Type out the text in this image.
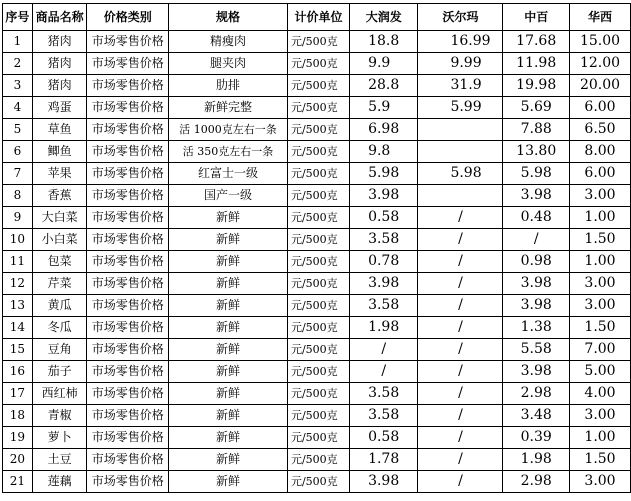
序号	商品名称	价格类别	规格	计价单位	大润发	沃尔玛	中百	华西
1	猪肉	市场零售价格	精瘦肉	元/500克	18.8	16.99	17.68	15.00
2	猪肉	市场零售价格	腿夹肉	元/500克	9.9	9.99	11.98	12.00
3	猪肉	市场零售价格	肋排	元/500克	28.8	31.9	19.98	20.00
4	鸡蛋	市场零售价格	新鲜完整	元/500克	5.9	5.99	5.69	6.00
5	草鱼	市场零售价格	活 1000克左右一条	元/500克	6.98		7.88	6.50
6	鲫鱼	市场零售价格	活 350克左右一条	元/500克	9.8		13.80	8.00
7	苹果	市场零售价格	红富士一级	元/500克	5.98	5.98	5.98	6.00
8	香蕉	市场零售价格	国产一级	元/500克	3.98		3.98	3.00
9	大白菜	市场零售价格	新鲜	元/500克	0.58	/	0.48	1.00
10	小白菜	市场零售价格	新鲜	元/500克	3.58	/	/	1.50
11	包菜	市场零售价格	新鲜	元/500克	0.78	/	0.98	1.00
12	芹菜	市场零售价格	新鲜	元/500克	3.98	/	3.98	3.00
13	黄瓜	市场零售价格	新鲜	元/500克	3.58	/	3.98	3.00
14	冬瓜	市场零售价格	新鲜	元/500克	1.98	/	1.38	1.50
15	豆角	市场零售价格	新鲜	元/500克	/	/	5.58	7.00
16	茄子	市场零售价格	新鲜	元/500克	/	/	3.98	5.00
17	西红柿	市场零售价格	新鲜	元/500克	3.58	/	2.98	4.00
18	青椒	市场零售价格	新鲜	元/500克	3.58	/	3.48	3.00
19	萝卜	市场零售价格	新鲜	元/500克	0.58	/	0.39	1.00
20	土豆	市场零售价格	新鲜	元/500克	1.78	/	1.98	1.50
21	莲藕	市场零售价格	新鲜	元/500克	3.98	/	2.98	3.00
